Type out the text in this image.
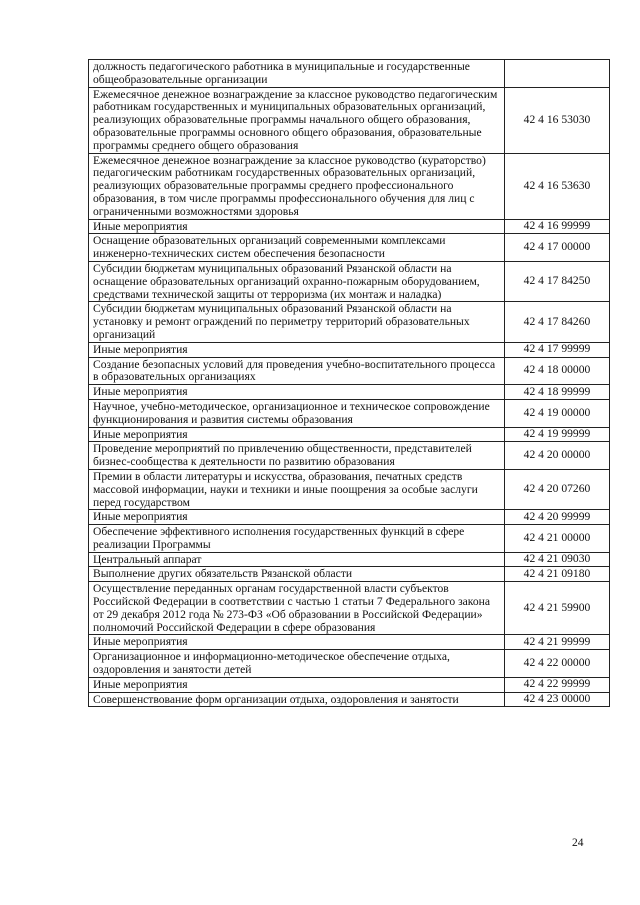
должность педагогического работника в муниципальные и государственные общеобразовательные организации	
Ежемесячное денежное вознаграждение за классное руководство педагогическим работникам государственных и муниципальных образовательных организаций, реализующих образовательные программы начального общего образования, образовательные программы основного общего образования, образовательные программы среднего общего образования	42 4 16 53030
Ежемесячное денежное вознаграждение за классное руководство (кураторство) педагогическим работникам государственных образовательных организаций, реализующих образовательные программы среднего профессионального образования, в том числе программы профессионального обучения для лиц с ограниченными возможностями здоровья	42 4 16 53630
Иные мероприятия	42 4 16 99999
Оснащение образовательных организаций современными комплексами инженерно-технических систем обеспечения безопасности	42 4 17 00000
Субсидии бюджетам муниципальных образований Рязанской области на оснащение образовательных организаций охранно-пожарным оборудованием, средствами технической защиты от терроризма (их монтаж и наладка)	42 4 17 84250
Субсидии бюджетам муниципальных образований Рязанской области на установку и ремонт ограждений по периметру территорий образовательных организаций	42 4 17 84260
Иные мероприятия	42 4 17 99999
Создание безопасных условий для проведения учебно-воспитательного процесса в образовательных организациях	42 4 18 00000
Иные мероприятия	42 4 18 99999
Научное, учебно-методическое, организационное и техническое сопровождение функционирования и развития системы образования	42 4 19 00000
Иные мероприятия	42 4 19 99999
Проведение мероприятий по привлечению общественности, представителей бизнес-сообщества к деятельности по развитию образования	42 4 20 00000
Премии в области литературы и искусства, образования, печатных средств массовой информации, науки и техники и иные поощрения за особые заслуги перед государством	42 4 20 07260
Иные мероприятия	42 4 20 99999
Обеспечение эффективного исполнения государственных функций в сфере реализации Программы	42 4 21 00000
Центральный аппарат	42 4 21 09030
Выполнение других обязательств Рязанской области	42 4 21 09180
Осуществление переданных органам государственной власти субъектов Российской Федерации в соответствии с частью 1 статьи 7 Федерального закона от 29 декабря 2012 года № 273-ФЗ «Об образовании в Российской Федерации» полномочий Российской Федерации в сфере образования	42 4 21 59900
Иные мероприятия	42 4 21 99999
Организационное и информационно-методическое обеспечение отдыха, оздоровления и занятости детей	42 4 22 00000
Иные мероприятия	42 4 22 99999
Совершенствование форм организации отдыха, оздоровления и занятости	42 4 23 00000
24
